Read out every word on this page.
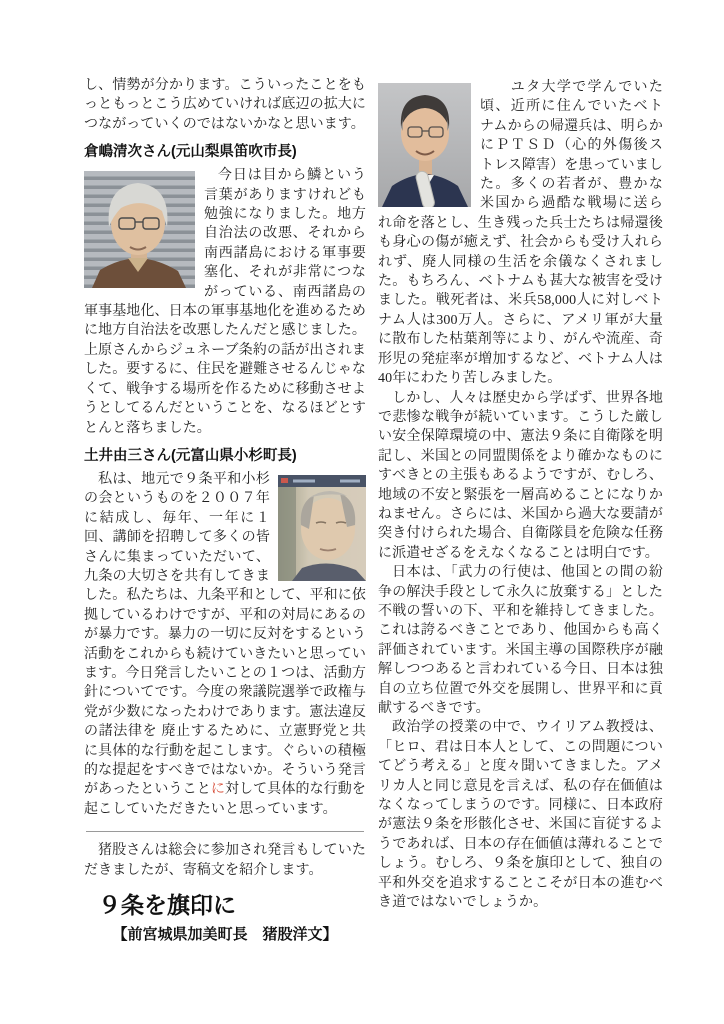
し、情勢が分かります。こういったことをもっともっとこう広めていければ底辺の拡大につながっていくのではないかなと思います。

倉嶋清次さん(元山梨県笛吹市長)

今日は目から鱗という言葉がありますけれども勉強になりました。地方自治法の改悪、それから南西諸島における軍事要塞化、それが非常につながっている、南西諸島の軍事基地化、日本の軍事基地化を進めるために地方自治法を改悪したんだと感じました。上原さんからジュネーブ条約の話が出されました。要するに、住民を避難させるんじゃなくて、戦争する場所を作るために移動させようとしてるんだということを、なるほどとすとんと落ちました。

土井由三さん(元富山県小杉町長)

私は、地元で９条平和小杉の会というものを２００７年に結成し、毎年、一年に１回、講師を招聘して多くの皆さんに集まっていただいて、九条の大切さを共有してきました。私たちは、九条平和として、平和に依拠しているわけですが、平和の対局にあるのが暴力です。暴力の一切に反対をするという活動をこれからも続けていきたいと思っています。今日発言したいことの１つは、活動方針についてです。今度の衆議院選挙で政権与党が少数になったわけであります。憲法違反の諸法律を 廃止するために、立憲野党と共に具体的な行動を起こします。ぐらいの積極的な提起をすべきではないか。そういう発言があったということに対して具体的な行動を起こしていただきたいと思っています。

猪股さんは総会に参加され発言もしていただきましたが、寄稿文を紹介します。

９条を旗印に

【前宮城県加美町長　猪股洋文】

ユタ大学で学んでいた頃、近所に住んでいたベトナムからの帰還兵は、明らかにＰＴＳＤ（心的外傷後ストレス障害）を患っていました。多くの若者が、豊かな米国から過酷な戦場に送られ命を落とし、生き残った兵士たちは帰還後も身心の傷が癒えず、社会からも受け入れられず、廃人同様の生活を余儀なくされました。もちろん、ベトナムも甚大な被害を受けました。戦死者は、米兵58,000人に対しベトナム人は300万人。さらに、アメリ軍が大量に散布した枯葉剤等により、がんや流産、奇形児の発症率が増加するなど、ベトナム人は40年にわたり苦しみました。

しかし、人々は歴史から学ばず、世界各地で悲惨な戦争が続いています。こうした厳しい安全保障環境の中、憲法９条に自衛隊を明記し、米国との同盟関係をより確かなものにすべきとの主張もあるようですが、むしろ、地域の不安と緊張を一層高めることになりかねません。さらには、米国から過大な要請が突き付けられた場合、自衛隊員を危険な任務に派遣せざるをえなくなることは明白です。

日本は、「武力の行使は、他国との間の紛争の解決手段として永久に放棄する」とした不戦の誓いの下、平和を維持してきました。これは誇るべきことであり、他国からも高く評価されています。米国主導の国際秩序が融解しつつあると言われている今日、日本は独自の立ち位置で外交を展開し、世界平和に貢献するべきです。

政治学の授業の中で、ウイリアム教授は、「ヒロ、君は日本人として、この問題についてどう考える」と度々聞いてきました。アメリカ人と同じ意見を言えば、私の存在価値はなくなってしまうのです。同様に、日本政府が憲法９条を形骸化させ、米国に盲従するようであれば、日本の存在価値は薄れることでしょう。むしろ、９条を旗印として、独自の平和外交を追求することこそが日本の進むべき道ではないでしょうか。
